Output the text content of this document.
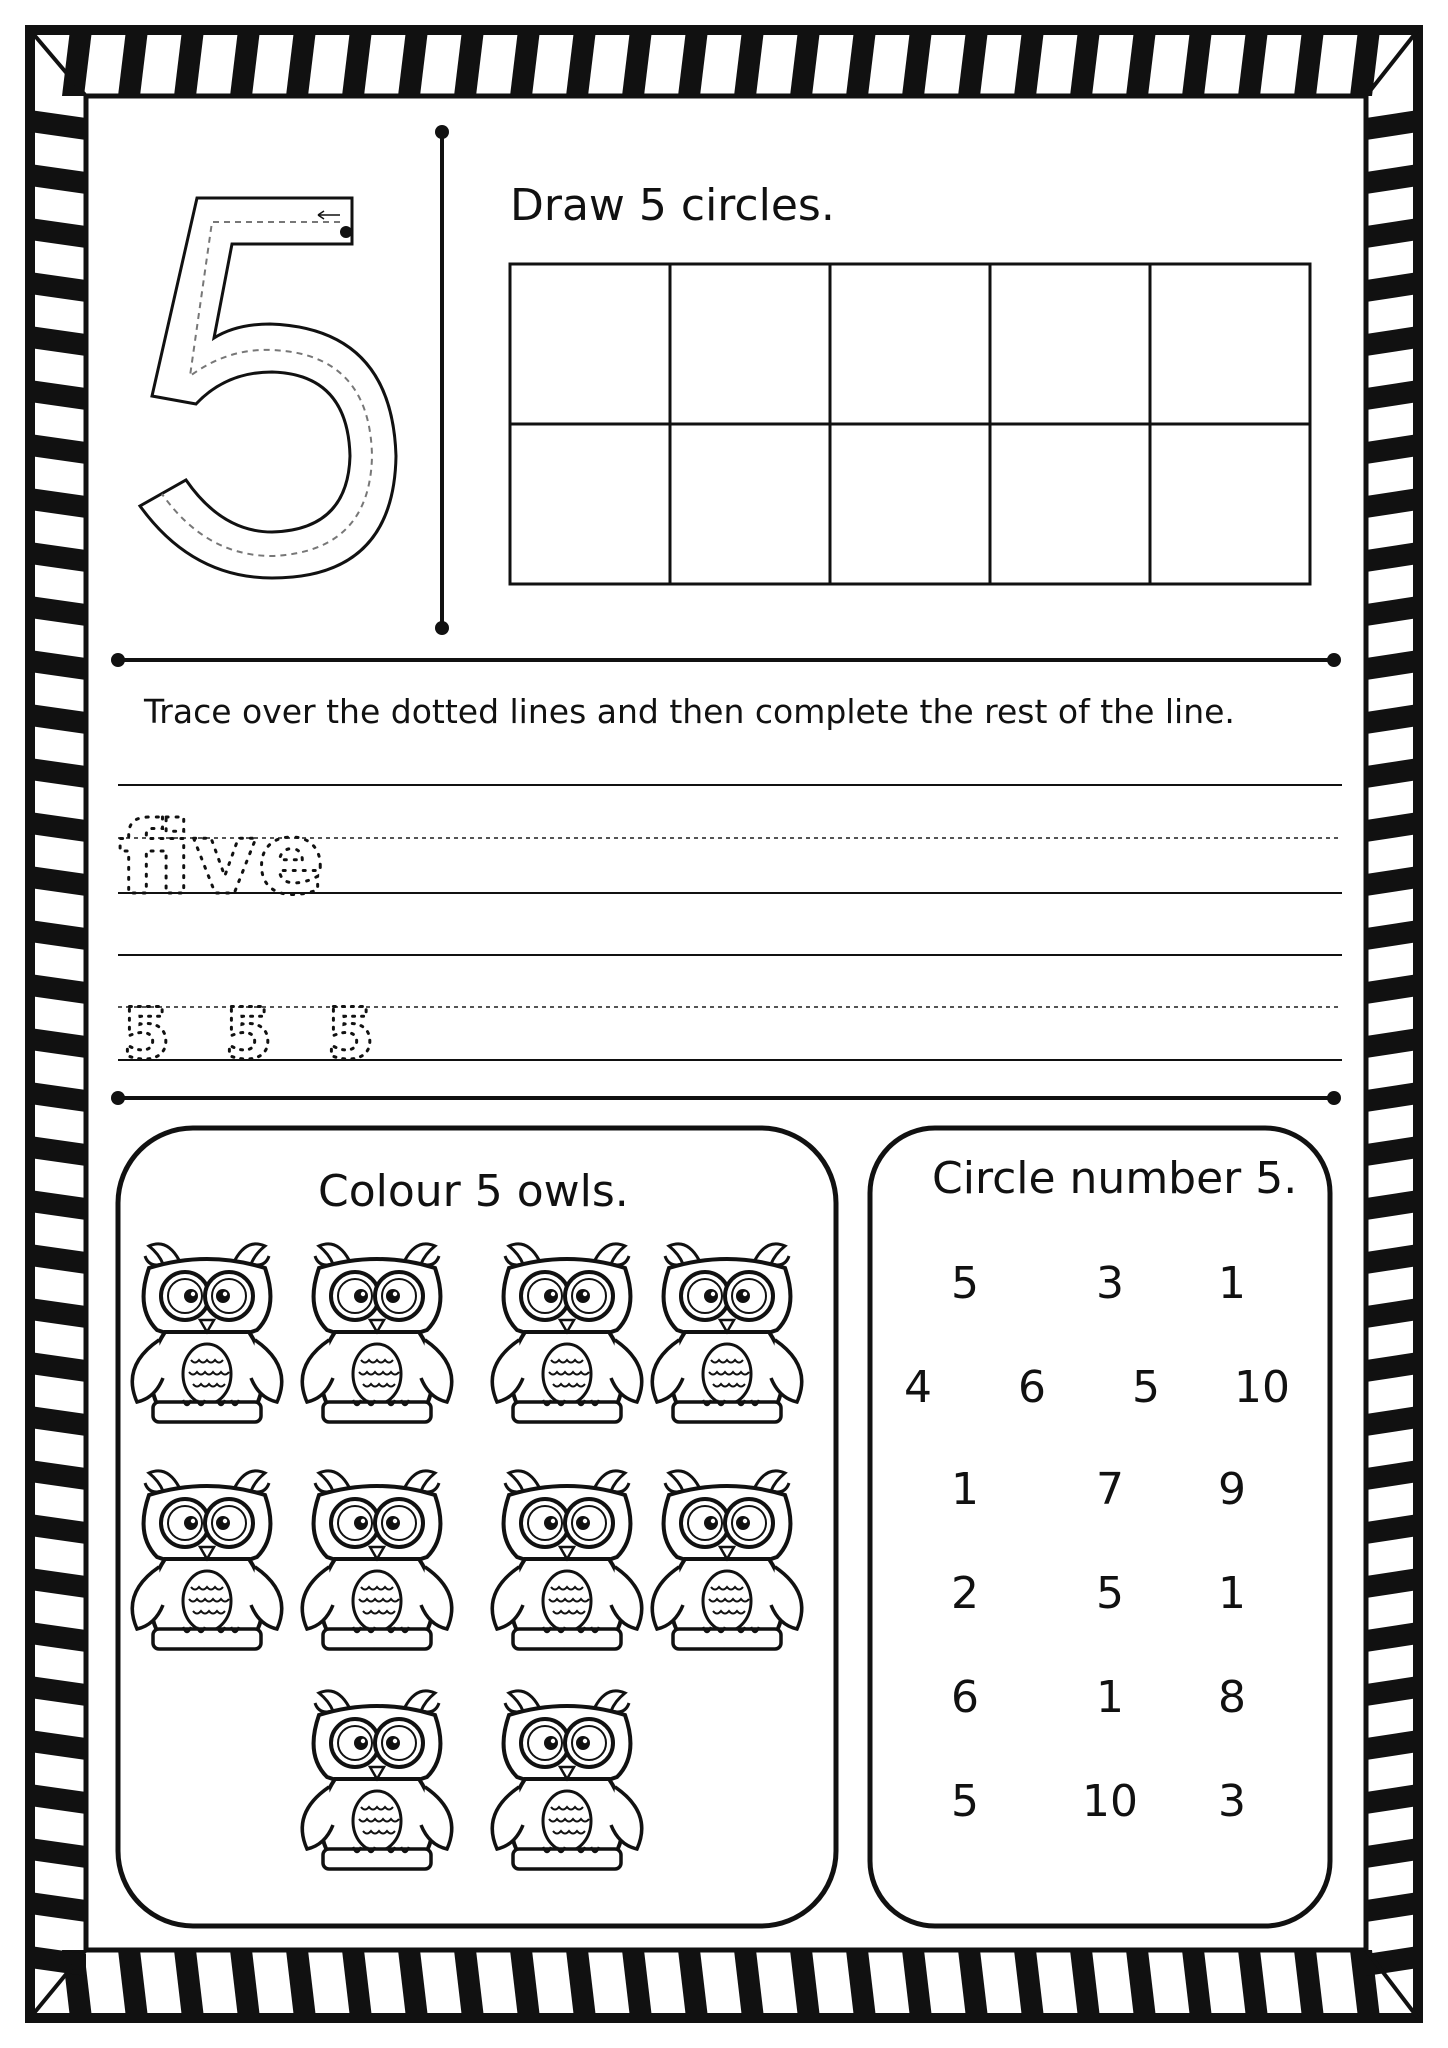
five
5 5 5
Draw 5 circles.
Trace over the dotted lines and then complete the rest of the line.
Colour 5 owls.	Circle number 5.
5	3	1
4	6	5	10
1	7	9
2	5	1
6	1	8
5	10	3
